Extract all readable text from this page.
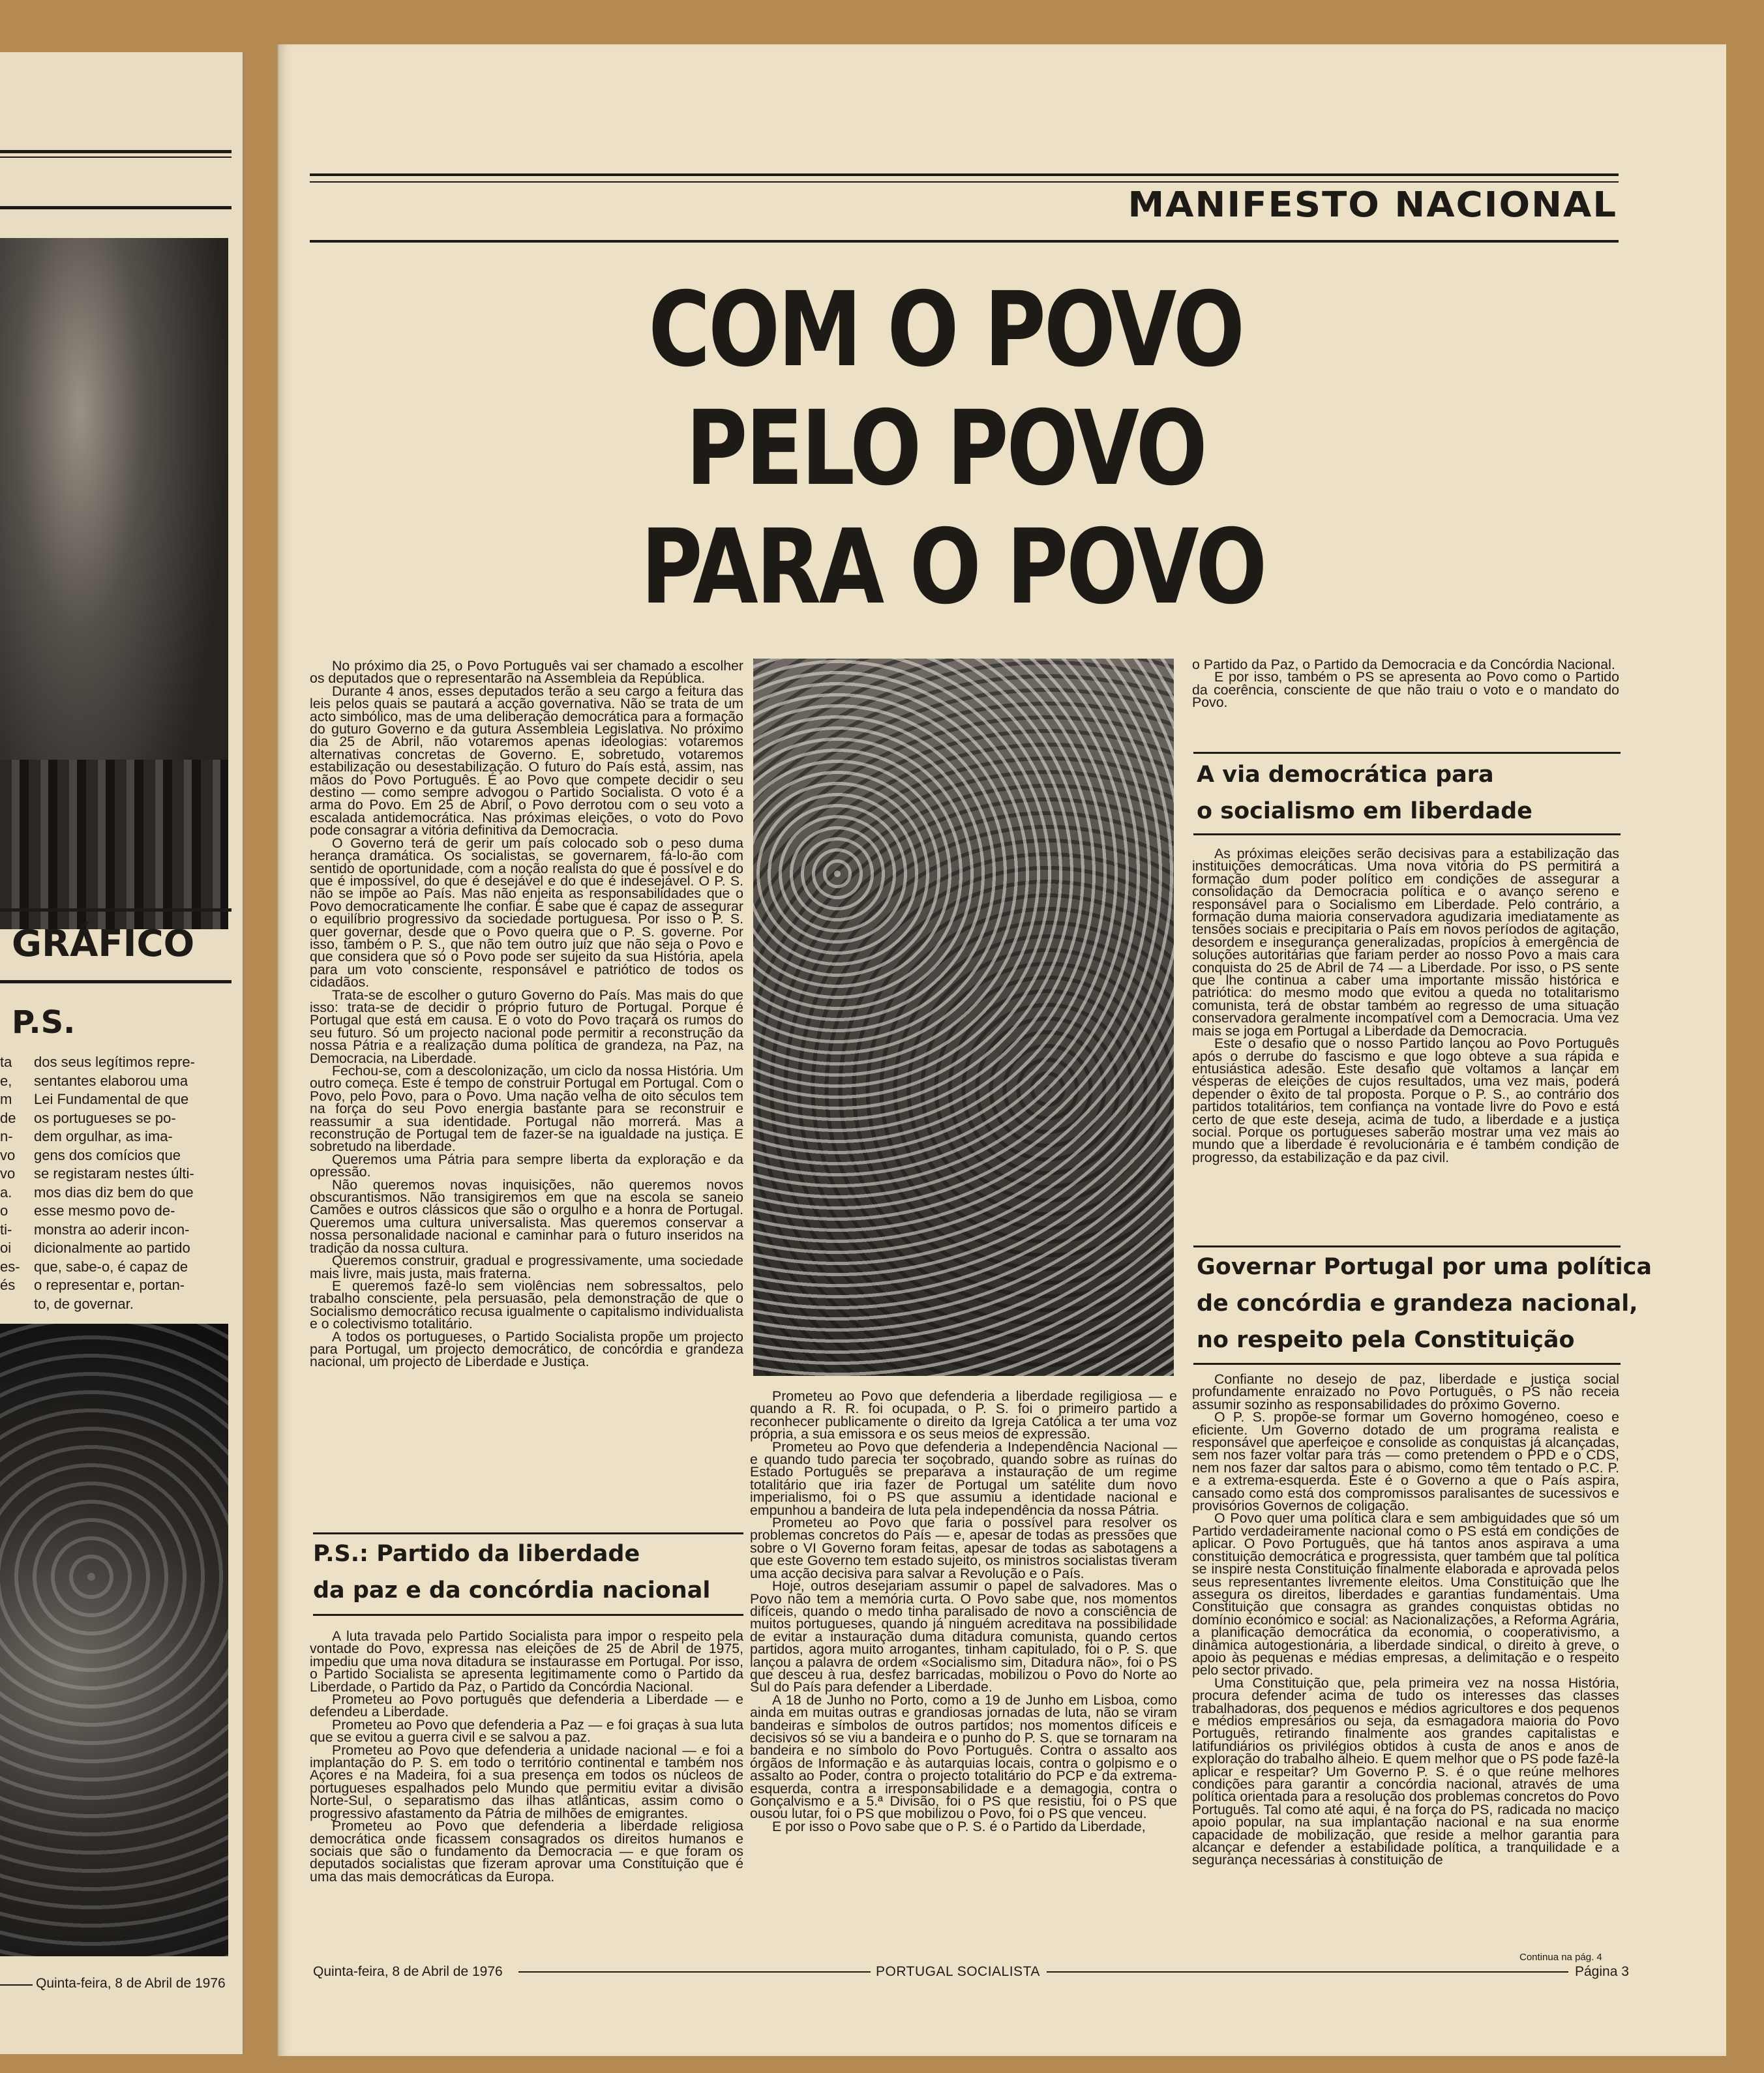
GRÁFICO
P.S.

ta

e,

m

de

n-

vo

vo

a.

o

ti-

oi

es-

és

dos seus legítimos repre-

sentantes elaborou uma

Lei Fundamental de que

os portugueses se po-

dem orgulhar, as ima-

gens dos comícios que

se registaram nestes últi-

mos dias diz bem do que

esse mesmo povo de-

monstra ao aderir incon-

dicionalmente ao partido

que, sabe-o, é capaz de

o representar e, portan-

to, de governar.

Quinta-feira, 8 de Abril de 1976
MANIFESTO NACIONAL
COM O POVO
PELO POVO
PARA O POVO

No próximo dia 25, o Povo Português vai ser chamado a escolher os deputados que o representarão na Assembleia da República.

Durante 4 anos, esses deputados terão a seu cargo a feitura das leis pelos quais se pautará a acção governativa. Não se trata de um acto simbólico, mas de uma deliberação democrática para a formação do guturo Governo e da gutura Assembleia Legislativa. No próximo dia 25 de Abril, não votaremos apenas ideologias: votaremos alternativas concretas de Governo. E, sobretudo, votaremos estabilização ou desestabilização. O futuro do País está, assim, nas mãos do Povo Português. É ao Povo que compete decidir o seu destino — como sempre advogou o Partido Socialista. O voto é a arma do Povo. Em 25 de Abril, o Povo derrotou com o seu voto a escalada antidemocrática. Nas próximas eleições, o voto do Povo pode consagrar a vitória definitiva da Democracia.

O Governo terá de gerir um país colocado sob o peso duma herança dramática. Os socialistas, se governarem, fá-lo-ão com sentido de oportunidade, com a noção realista do que é possível e do que é impossível, do que é desejável e do que é indesejável. O P. S. não se impõe ao País. Mas não enjeita as responsabilidades que o Povo democraticamente lhe confiar. E sabe que é capaz de assegurar o equilíbrio progressivo da sociedade portuguesa. Por isso o P. S. quer governar, desde que o Povo queira que o P. S. governe. Por isso, também o P. S., que não tem outro juiz que não seja o Povo e que considera que só o Povo pode ser sujeito da sua História, apela para um voto consciente, responsável e patriótico de todos os cidadãos.

Trata-se de escolher o guturo Governo do País. Mas mais do que isso: trata-se de decidir o próprio futuro de Portugal. Porque é Portugal que está em causa. E o voto do Povo traçará os rumos do seu futuro. Só um projecto nacional pode permitir a reconstrução da nossa Pátria e a realização duma política de grandeza, na Paz, na Democracia, na Liberdade.

Fechou-se, com a descolonização, um ciclo da nossa História. Um outro começa. Este é tempo de construir Portugal em Portugal. Com o Povo, pelo Povo, para o Povo. Uma nação velha de oito séculos tem na força do seu Povo energia bastante para se reconstruir e reassumir a sua identidade. Portugal não morrerá. Mas a reconstrução de Portugal tem de fazer-se na igualdade na justiça. E sobretudo na liberdade.

Queremos uma Pátria para sempre liberta da exploração e da opressão.

Não queremos novas inquisições, não queremos novos obscurantismos. Não transigiremos em que na escola se saneio Camões e outros clássicos que são o orgulho e a honra de Portugal. Queremos uma cultura universalista. Mas queremos conservar a nossa personalidade nacional e caminhar para o futuro inseridos na tradição da nossa cultura.

Queremos construir, gradual e progressivamente, uma sociedade mais livre, mais justa, mais fraterna.

E queremos fazê-lo sem violências nem sobressaltos, pelo trabalho consciente, pela persuasão, pela demonstração de que o Socialismo democrático recusa igualmente o capitalismo individualista e o colectivismo totalitário.

A todos os portugueses, o Partido Socialista propõe um projecto para Portugal, um projecto democrático, de concórdia e grandeza nacional, um projecto de Liberdade e Justiça.

P.S.: Partido da liberdade
da paz e da concórdia nacional

A luta travada pelo Partido Socialista para impor o respeito pela vontade do Povo, expressa nas eleições de 25 de Abril de 1975, impediu que uma nova ditadura se instaurasse em Portugal. Por isso, o Partido Socialista se apresenta legitimamente como o Partido da Liberdade, o Partido da Paz, o Partido da Concórdia Nacional.

Prometeu ao Povo português que defenderia a Liberdade — e defendeu a Liberdade.

Prometeu ao Povo que defenderia a Paz — e foi graças à sua luta que se evitou a guerra civil e se salvou a paz.

Prometeu ao Povo que defenderia a unidade nacional — e foi a implantação do P. S. em todo o território continental e também nos Açores e na Madeira, foi a sua presença em todos os núcleos de portugueses espalhados pelo Mundo que permitiu evitar a divisão Norte-Sul, o separatismo das ilhas atlânticas, assim como o progressivo afastamento da Pátria de milhões de emigrantes.

Prometeu ao Povo que defenderia a liberdade religiosa democrática onde ficassem consagrados os direitos humanos e sociais que são o fundamento da Democracia — e que foram os deputados socialistas que fizeram aprovar uma Constituição que é uma das mais democráticas da Europa.

Prometeu ao Povo que defenderia a liberdade regiligiosa — e quando a R. R. foi ocupada, o P. S. foi o primeiro partido a reconhecer publicamente o direito da Igreja Católica a ter uma voz própria, a sua emissora e os seus meios de expressão.

Prometeu ao Povo que defenderia a Independência Nacional — e quando tudo parecia ter soçobrado, quando sobre as ruínas do Estado Português se preparava a instauração de um regime totalitário que iria fazer de Portugal um satélite dum novo imperialismo, foi o PS que assumiu a identidade nacional e empunhou a bandeira de luta pela independência da nossa Pátria.

Prometeu ao Povo que faria o possível para resolver os problemas concretos do País — e, apesar de todas as pressões que sobre o VI Governo foram feitas, apesar de todas as sabotagens a que este Governo tem estado sujeito, os ministros socialistas tiveram uma acção decisiva para salvar a Revolução e o País.

Hoje, outros desejariam assumir o papel de salvadores. Mas o Povo não tem a memória curta. O Povo sabe que, nos momentos difíceis, quando o medo tinha paralisado de novo a consciência de muitos portugueses, quando já ninguém acreditava na possibilidade de evitar a instauração duma ditadura comunista, quando certos partidos, agora muito arrogantes, tinham capitulado, foi o P. S. que lançou a palavra de ordem «Socialismo sim, Ditadura não», foi o PS que desceu à rua, desfez barricadas, mobilizou o Povo do Norte ao Sul do País para defender a Liberdade.

A 18 de Junho no Porto, como a 19 de Junho em Lisboa, como ainda em muitas outras e grandiosas jornadas de luta, não se viram bandeiras e símbolos de outros partidos; nos momentos difíceis e decisivos só se viu a bandeira e o punho do P. S. que se tornaram na bandeira e no símbolo do Povo Português. Contra o assalto aos órgãos de Informação e às autarquias locais, contra o golpismo e o assalto ao Poder, contra o projecto totalitário do PCP e da extrema-esquerda, contra a irresponsabilidade e a demagogia, contra o Gonçalvismo e a 5.ª Divisão, foi o PS que resistiu, foi o PS que ousou lutar, foi o PS que mobilizou o Povo, foi o PS que venceu.

E por isso o Povo sabe que o P. S. é o Partido da Liberdade,

o Partido da Paz, o Partido da Democracia e da Concórdia Nacional.

E por isso, também o PS se apresenta ao Povo como o Partido da coerência, consciente de que não traiu o voto e o mandato do Povo.

A via democrática para
o socialismo em liberdade

As próximas eleições serão decisivas para a estabilização das instituições democráticas. Uma nova vitória do PS permitirá a formação dum poder político em condições de assegurar a consolidação da Democracia política e o avanço sereno e responsável para o Socialismo em Liberdade. Pelo contrário, a formação duma maioria conservadora agudizaria imediatamente as tensões sociais e precipitaria o País em novos períodos de agitação, desordem e insegurança generalizadas, propícios à emergência de soluções autoritárias que fariam perder ao nosso Povo a mais cara conquista do 25 de Abril de 74 — a Liberdade. Por isso, o PS sente que lhe continua a caber uma importante missão histórica e patriótica: do mesmo modo que evitou a queda no totalitarismo comunista, terá de obstar também ao regresso de uma situação conservadora geralmente incompatível com a Democracia. Uma vez mais se joga em Portugal a Liberdade da Democracia.

Este o desafio que o nosso Partido lançou ao Povo Português após o derrube do fascismo e que logo obteve a sua rápida e entusiástica adesão. Este desafio que voltamos a lançar em vésperas de eleições de cujos resultados, uma vez mais, poderá depender o êxito de tal proposta. Porque o P. S., ao contrário dos partidos totalitários, tem confiança na vontade livre do Povo e está certo de que este deseja, acima de tudo, a liberdade e a justiça social. Porque os portugueses saberão mostrar uma vez mais ao mundo que a liberdade é revolucionária e é também condição de progresso, da estabilização e da paz civil.

Governar Portugal por uma política
de concórdia e grandeza nacional,
no respeito pela Constituição

Confiante no desejo de paz, liberdade e justiça social profundamente enraizado no Povo Português, o PS não receia assumir sozinho as responsabilidades do próximo Governo.

O P. S. propõe-se formar um Governo homogéneo, coeso e eficiente. Um Governo dotado de um programa realista e responsável que aperfeiçoe e consolide as conquistas já alcançadas, sem nos fazer voltar para trás — como pretendem o PPD e o CDS, nem nos fazer dar saltos para o abismo, como têm tentado o P.C. P. e a extrema-esquerda. Este é o Governo a que o País aspira, cansado como está dos compromissos paralisantes de sucessivos e provisórios Governos de coligação.

O Povo quer uma política clara e sem ambiguidades que só um Partido verdadeiramente nacional como o PS está em condições de aplicar. O Povo Português, que há tantos anos aspirava a uma constituição democrática e progressista, quer também que tal política se inspire nesta Constituição finalmente elaborada e aprovada pelos seus representantes livremente eleitos. Uma Constituição que lhe assegura os direitos, liberdades e garantias fundamentais. Uma Constituição que consagra as grandes conquistas obtidas no domínio económico e social: as Nacionalizações, a Reforma Agrária, a planificação democrática da economia, o cooperativismo, a dinâmica autogestionária, a liberdade sindical, o direito à greve, o apoio às pequenas e médias empresas, a delimitação e o respeito pelo sector privado.

Uma Constituição que, pela primeira vez na nossa História, procura defender acima de tudo os interesses das classes trabalhadoras, dos pequenos e médios agricultores e dos pequenos e médios empresários ou seja, da esmagadora maioria do Povo Português, retirando finalmente aos grandes capitalistas e latifundiários os privilégios obtidos à custa de anos e anos de exploração do trabalho alheio. E quem melhor que o PS pode fazê-la aplicar e respeitar? Um Governo P. S. é o que reúne melhores condições para garantir a concórdia nacional, através de uma política orientada para a resolução dos problemas concretos do Povo Português. Tal como até aqui, é na força do PS, radicada no maciço apoio popular, na sua implantação nacional e na sua enorme capacidade de mobilização, que reside a melhor garantia para alcançar e defender a estabilidade política, a tranquilidade e a segurança necessárias à constituição de

Continua na pág. 4
Quinta-feira, 8 de Abril de 1976	PORTUGAL SOCIALISTA	Página 3
